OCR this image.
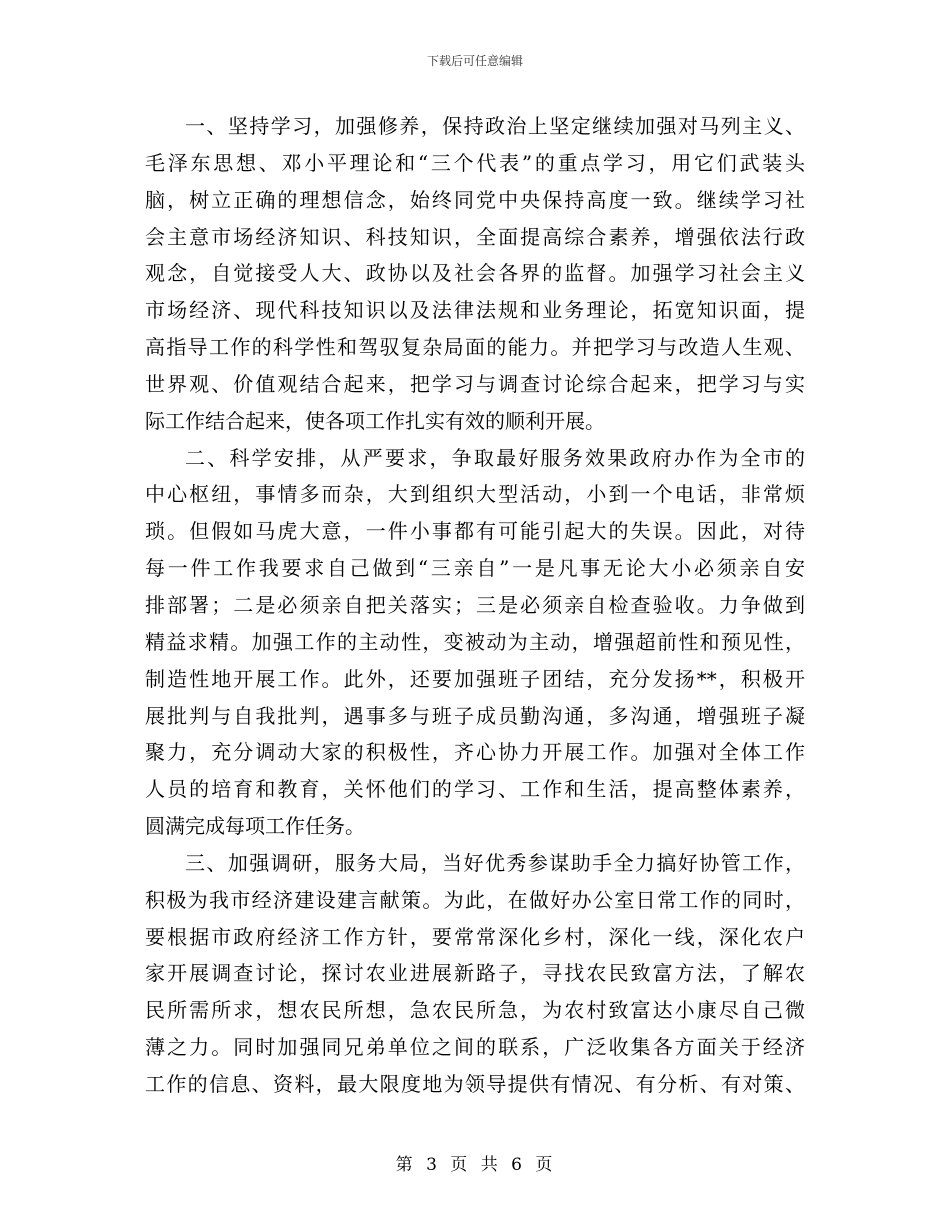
下载后可任意编辑
一、坚持学习，加强修养，保持政治上坚定继续加强对马列主义、
毛泽东思想、邓小平理论和“三个代表”的重点学习，用它们武装头
脑，树立正确的理想信念，始终同党中央保持高度一致。继续学习社
会主意市场经济知识、科技知识，全面提高综合素养，增强依法行政
观念，自觉接受人大、政协以及社会各界的监督。加强学习社会主义
市场经济、现代科技知识以及法律法规和业务理论，拓宽知识面，提
高指导工作的科学性和驾驭复杂局面的能力。并把学习与改造人生观、
世界观、价值观结合起来，把学习与调查讨论综合起来，把学习与实
际工作结合起来，使各项工作扎实有效的顺利开展。
二、科学安排，从严要求，争取最好服务效果政府办作为全市的
中心枢纽，事情多而杂，大到组织大型活动，小到一个电话，非常烦
琐。但假如马虎大意，一件小事都有可能引起大的失误。因此，对待
每一件工作我要求自己做到“三亲自”一是凡事无论大小必须亲自安
排部署；二是必须亲自把关落实；三是必须亲自检查验收。力争做到
精益求精。加强工作的主动性，变被动为主动，增强超前性和预见性，
制造性地开展工作。此外，还要加强班子团结，充分发扬**，积极开
展批判与自我批判，遇事多与班子成员勤沟通，多沟通，增强班子凝
聚力，充分调动大家的积极性，齐心协力开展工作。加强对全体工作
人员的培育和教育，关怀他们的学习、工作和生活，提高整体素养，
圆满完成每项工作任务。
三、加强调研，服务大局，当好优秀参谋助手全力搞好协管工作，
积极为我市经济建设建言献策。为此，在做好办公室日常工作的同时，
要根据市政府经济工作方针，要常常深化乡村，深化一线，深化农户
家开展调查讨论，探讨农业进展新路子，寻找农民致富方法，了解农
民所需所求，想农民所想，急农民所急，为农村致富达小康尽自己微
薄之力。同时加强同兄弟单位之间的联系，广泛收集各方面关于经济
工作的信息、资料，最大限度地为领导提供有情况、有分析、有对策、
第 3 页 共 6 页
